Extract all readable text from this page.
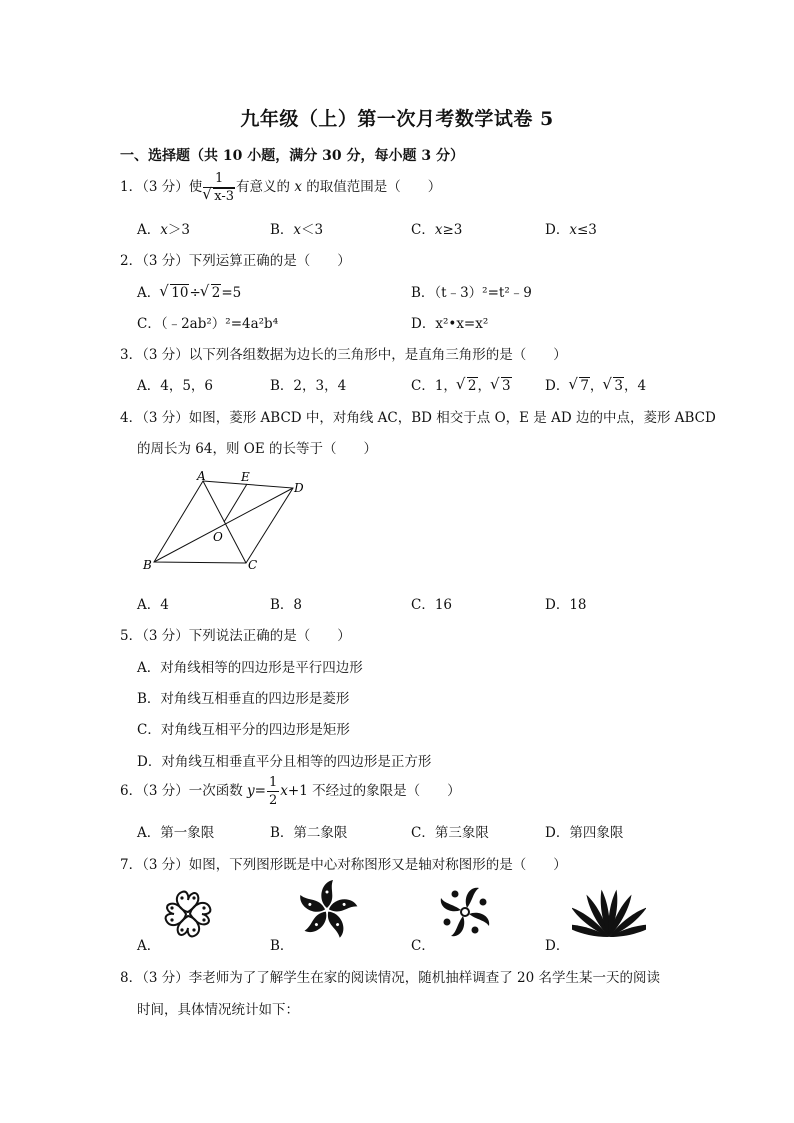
九年级（上）第一次月考数学试卷 5
一、选择题（共 10 小题，满分 30 分，每小题 3 分）
1．（3 分）使 1
√ x-3 有意义的 x 的取值范围是（　　）
A．x＞3	B．x＜3	C．x≥3	D．x≤3
2．（3 分）下列运算正确的是（　　）
A． √ 10÷ √ 2=5	B．（t﹣3）²=t²﹣9
C．（﹣2ab²）²=4a²b⁴	D．x²•x=x²
3．（3 分）以下列各组数据为边长的三角形中，是直角三角形的是（　　）
A．4，5，6	B．2，3，4	C．1， √ 2， √ 3	D． √ 7， √ 3，4
4．（3 分）如图，菱形 ABCD 中，对角线 AC，BD 相交于点 O，E 是 AD 边的中点，菱形 ABCD
的周长为 64，则 OE 的长等于（　　）
A	E
D
O
B	C
A．4	B．8	C．16	D．18
5．（3 分）下列说法正确的是（　　）
A．对角线相等的四边形是平行四边形
B．对角线互相垂直的四边形是菱形
C．对角线互相平分的四边形是矩形
D．对角线互相垂直平分且相等的四边形是正方形
6．（3 分）一次函数 $y= \frac{1}{2} x+1$ 不经过的象限是（　　）
A．第一象限	B．第二象限	C．第三象限	D．第四象限
7．（3 分）如图，下列图形既是中心对称图形又是轴对称图形的是（　　）
A．	B．	C．	D．
8．（3 分）李老师为了了解学生在家的阅读情况，随机抽样调查了 20 名学生某一天的阅读
时间，具体情况统计如下：
